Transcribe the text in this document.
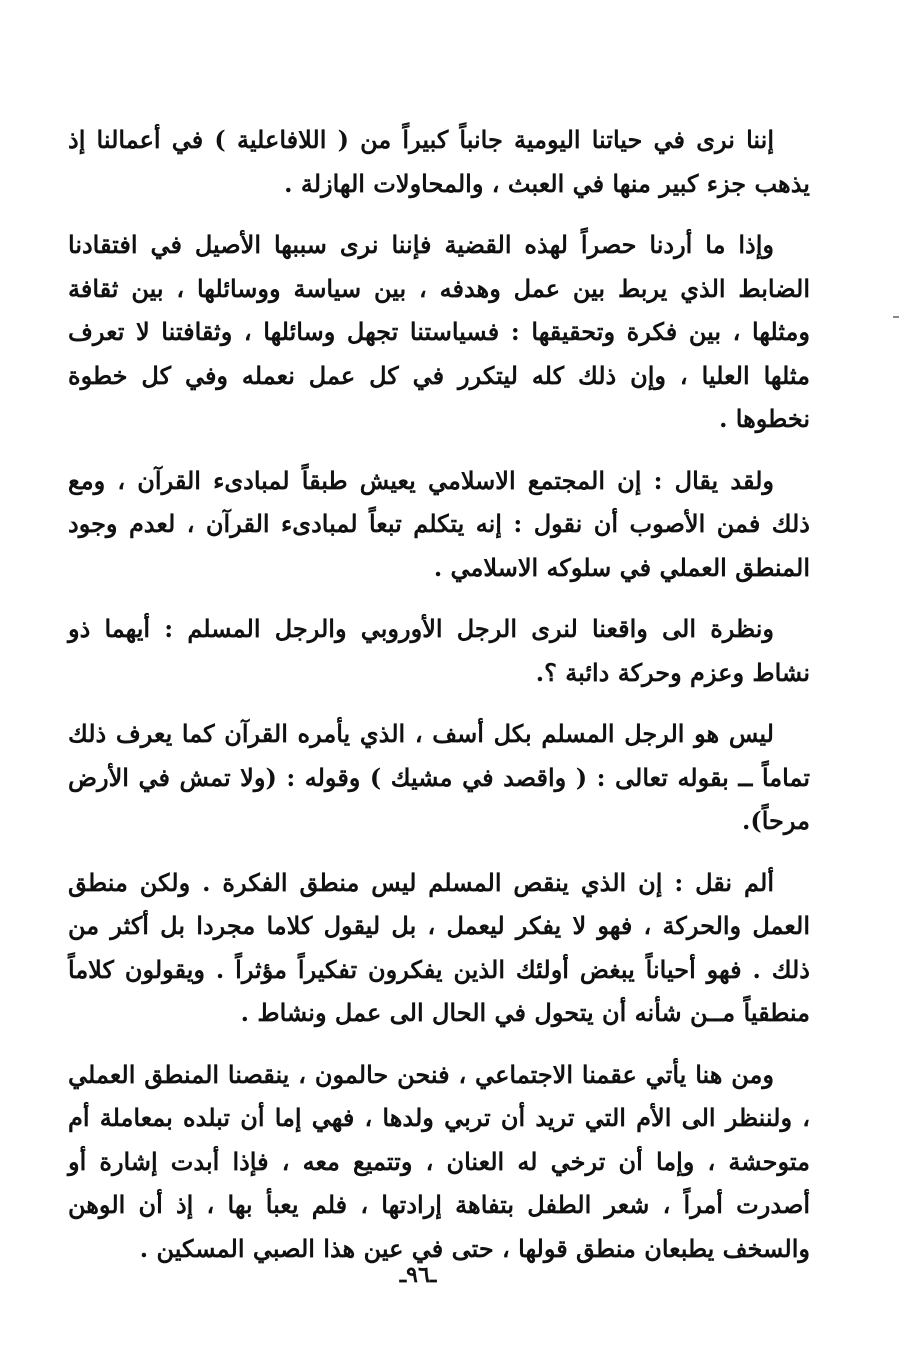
إننا نرى في حياتنا اليومية جانباً كبيراً من ( اللافاعلية ) في أعمالنا إذ يذهب جزء كبير منها في العبث ، والمحاولات الهازلة .

وإذا ما أردنا حصراً لهذه القضية فإننا نرى سببها الأصيل في افتقادنا الضابط الذي يربط بين عمل وهدفه ، بين سياسة ووسائلها ، بين ثقافة ومثلها ، بين فكرة وتحقيقها : فسياستنا تجهل وسائلها ، وثقافتنا لا تعرف مثلها العليا ، وإن ذلك كله ليتكرر في كل عمل نعمله وفي كل خطوة نخطوها .

ولقد يقال : إن المجتمع الاسلامي يعيش طبقاً لمبادىء القرآن ، ومع ذلك فمن الأصوب أن نقول : إنه يتكلم تبعاً لمبادىء القرآن ، لعدم وجود المنطق العملي في سلوكه الاسلامي .

ونظرة الى واقعنا لنرى الرجل الأوروبي والرجل المسلم : أيهما ذو نشاط وعزم وحركة دائبة ؟.

ليس هو الرجل المسلم بكل أسف ، الذي يأمره القرآن كما يعرف ذلك تماماً ــ بقوله تعالى : ( واقصد في مشيك ) وقوله : (ولا تمش في الأرض مرحاً).

ألم نقل : إن الذي ينقص المسلم ليس منطق الفكرة . ولكن منطق العمل والحركة ، فهو لا يفكر ليعمل ، بل ليقول كلاما مجردا بل أكثر من ذلك . فهو أحياناً يبغض أولئك الذين يفكرون تفكيراً مؤثراً . ويقولون كلاماً منطقياً مــن شأنه أن يتحول في الحال الى عمل ونشاط .

ومن هنا يأتي عقمنا الاجتماعي ، فنحن حالمون ، ينقصنا المنطق العملي ، ولننظر الى الأم التي تريد أن تربي ولدها ، فهي إما أن تبلده بمعاملة أم متوحشة ، وإما أن ترخي له العنان ، وتتميع معه ، فإذا أبدت إشارة أو أصدرت أمراً ، شعر الطفل بتفاهة إرادتها ، فلم يعبأ بها ، إذ أن الوهن والسخف يطبعان منطق قولها ، حتى في عين هذا الصبي المسكين .

ـ٩٦ـ
